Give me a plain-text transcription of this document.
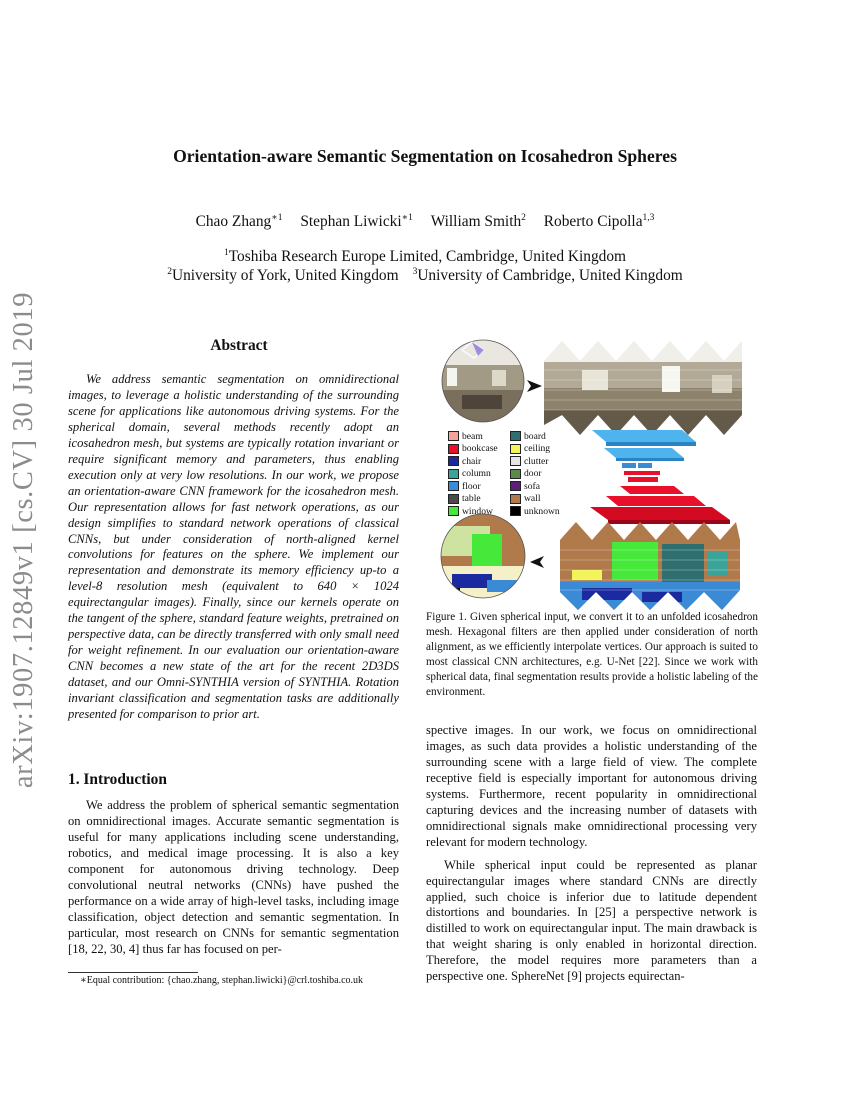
arXiv:1907.12849v1 [cs.CV] 30 Jul 2019
Orientation-aware Semantic Segmentation on Icosahedron Spheres
Chao Zhang$^{∗1}$ Stephan Liwicki$^{∗1}$ William Smith$^2$ Roberto Cipolla$^{1,3}$
$^1$Toshiba Research Europe Limited, Cambridge, United Kingdom
$^2$University of York, United Kingdom $^3$University of Cambridge, United Kingdom
Abstract

We address semantic segmentation on omnidirectional images, to leverage a holistic understanding of the surrounding scene for applications like autonomous driving systems. For the spherical domain, several methods recently adopt an icosahedron mesh, but systems are typically rotation invariant or require significant memory and parameters, thus enabling execution only at very low resolutions. In our work, we propose an orientation-aware CNN framework for the icosahedron mesh. Our representation allows for fast network operations, as our design simplifies to standard network operations of classical CNNs, but under consideration of north-aligned kernel convolutions for features on the sphere. We implement our representation and demonstrate its memory efficiency up-to a level-8 resolution mesh (equivalent to 640 × 1024 equirectangular images). Finally, since our kernels operate on the tangent of the sphere, standard feature weights, pretrained on perspective data, can be directly transferred with only small need for weight refinement. In our evaluation our orientation-aware CNN becomes a new state of the art for the recent 2D3DS dataset, and our Omni-SYNTHIA version of SYNTHIA. Rotation invariant classification and segmentation tasks are additionally presented for comparison to prior art.

1. Introduction

We address the problem of spherical semantic segmentation on omnidirectional images. Accurate semantic segmentation is useful for many applications including scene understanding, robotics, and medical image processing. It is also a key component for autonomous driving technology. Deep convolutional neutral networks (CNNs) have pushed the performance on a wide array of high-level tasks, including image classification, object detection and semantic segmentation. In particular, most research on CNNs for semantic segmentation [18, 22, 30, 4] thus far has focused on per-

∗Equal contribution: {chao.zhang, stephan.liwicki}@crl.toshiba.co.uk
beam	board
bookcase	ceiling
chair	clutter
column	door
floor	sofa
table	wall
window	unknown
Figure 1. Given spherical input, we convert it to an unfolded icosahedron mesh. Hexagonal filters are then applied under consideration of north alignment, as we efficiently interpolate vertices. Our approach is suited to most classical CNN architectures, e.g. U-Net [22]. Since we work with spherical data, final segmentation results provide a holistic labeling of the environment.

spective images. In our work, we focus on omnidirectional images, as such data provides a holistic understanding of the surrounding scene with a large field of view. The complete receptive field is especially important for autonomous driving systems. Furthermore, recent popularity in omnidirectional capturing devices and the increasing number of datasets with omnidirectional signals make omnidirectional processing very relevant for modern technology.

While spherical input could be represented as planar equirectangular images where standard CNNs are directly applied, such choice is inferior due to latitude dependent distortions and boundaries. In [25] a perspective network is distilled to work on equirectangular input. The main drawback is that weight sharing is only enabled in horizontal direction. Therefore, the model requires more parameters than a perspective one. SphereNet [9] projects equirectan-
